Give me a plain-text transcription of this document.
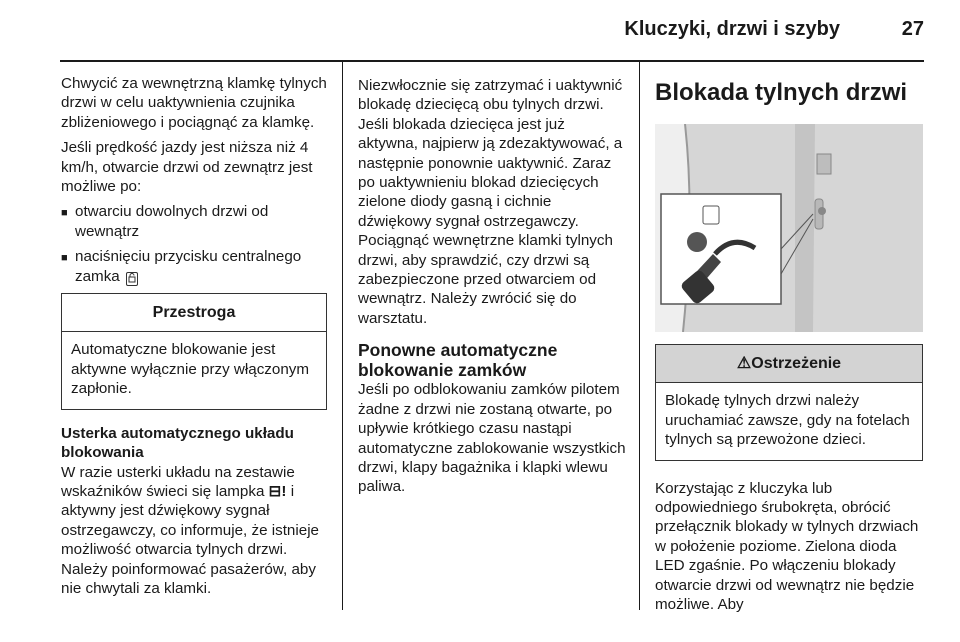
Kluczyki, drzwi i szyby	27

Chwycić za wewnętrzną klamkę tylnych drzwi w celu uaktywnienia czujnika zbliżeniowego i pociągnąć za klamkę.

Jeśli prędkość jazdy jest niższa niż 4 km/h, otwarcie drzwi od zewnątrz jest możliwe po:

■ otwarciu dowolnych drzwi od wewnątrz
■ naciśnięciu przycisku centralnego zamka
Przestroga
Automatyczne blokowanie jest aktywne wyłącznie przy włączonym zapłonie.

Usterka automatycznego układu blokowania

W razie usterki układu na zestawie wskaźników świeci się lampka ⊟! i aktywny jest dźwiękowy sygnał ostrzegawczy, co informuje, że istnieje możliwość otwarcia tylnych drzwi. Należy poinformować pasażerów, aby nie chwytali za klamki.

Niezwłocznie się zatrzymać i uaktywnić blokadę dziecięcą obu tylnych drzwi. Jeśli blokada dziecięca jest już aktywna, najpierw ją zdezaktywować, a następnie ponownie uaktywnić. Zaraz po uaktywnieniu blokad dziecięcych zielone diody gasną i cichnie dźwiękowy sygnał ostrzegawczy. Pociągnąć wewnętrzne klamki tylnych drzwi, aby sprawdzić, czy drzwi są zabezpieczone przed otwarciem od wewnątrz. Należy zwrócić się do warsztatu.

Ponowne automatyczne blokowanie zamków

Jeśli po odblokowaniu zamków pilotem żadne z drzwi nie zostaną otwarte, po upływie krótkiego czasu nastąpi automatyczne zablokowanie wszystkich drzwi, klapy bagażnika i klapki wlewu paliwa.

Blokada tylnych drzwi

⚠Ostrzeżenie
Blokadę tylnych drzwi należy uruchamiać zawsze, gdy na fotelach tylnych są przewożone dzieci.

Korzystając z kluczyka lub odpowiedniego śrubokręta, obrócić przełącznik blokady w tylnych drzwiach w położenie poziome. Zielona dioda LED zgaśnie. Po włączeniu blokady otwarcie drzwi od wewnątrz nie będzie możliwe. Aby
